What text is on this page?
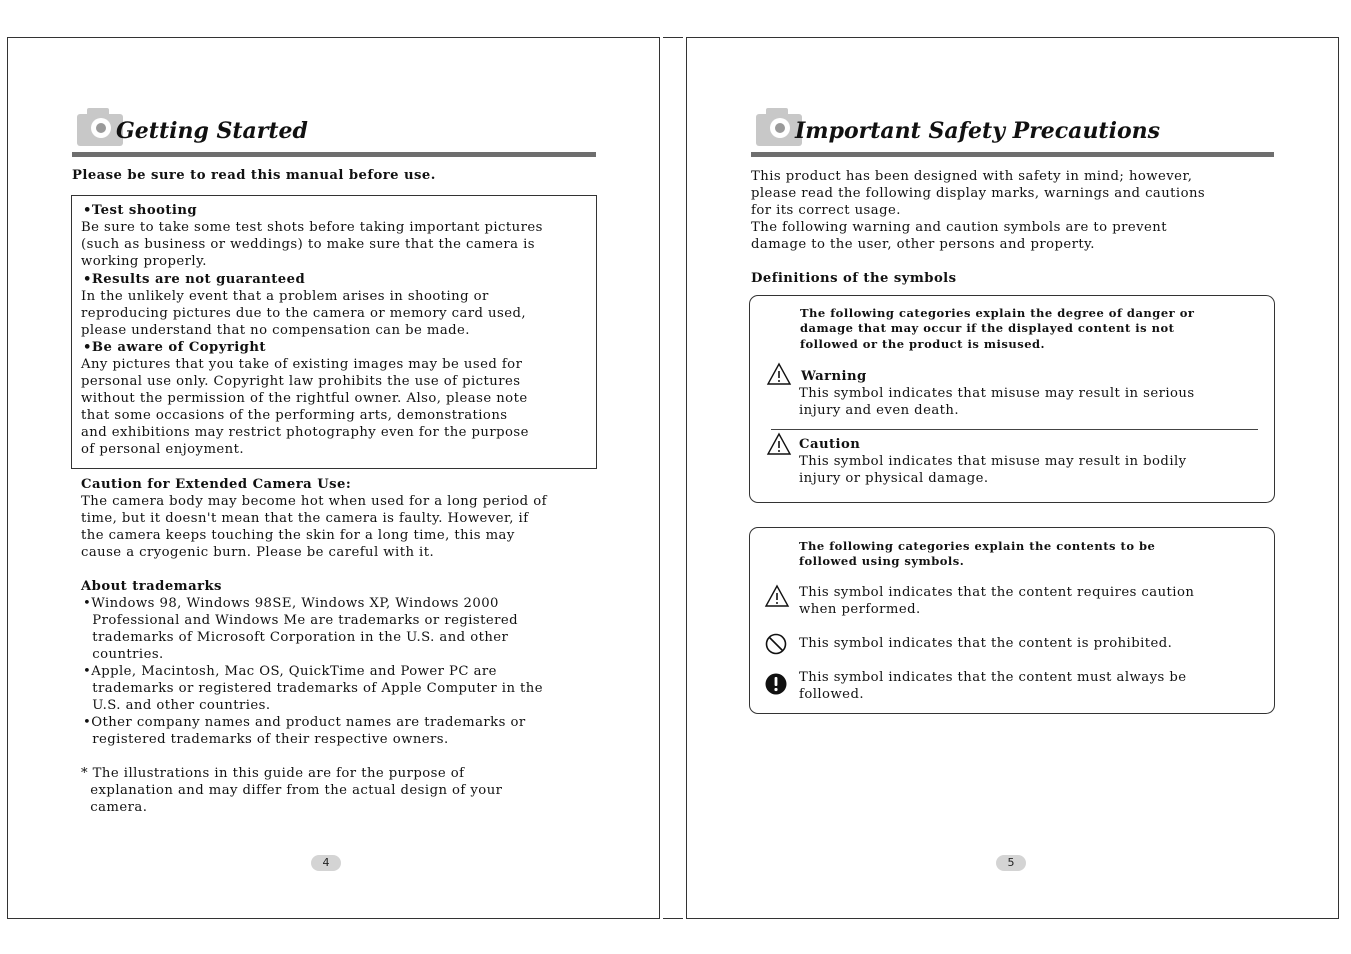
Getting Started
Please be sure to read this manual before use.
•Test shooting
Be sure to take some test shots before taking important pictures
(such as business or weddings) to make sure that the camera is
working properly.
•Results are not guaranteed
In the unlikely event that a problem arises in shooting or
reproducing pictures due to the camera or memory card used,
please understand that no compensation can be made.
•Be aware of Copyright
Any pictures that you take of existing images may be used for
personal use only. Copyright law prohibits the use of pictures
without the permission of the rightful owner. Also, please note
that some occasions of the performing arts, demonstrations
and exhibitions may restrict photography even for the purpose
of personal enjoyment.
Caution for Extended Camera Use:
The camera body may become hot when used for a long period of
time, but it doesn't mean that the camera is faulty. However, if
the camera keeps touching the skin for a long time, this may
cause a cryogenic burn. Please be careful with it.
About trademarks
•Windows 98, Windows 98SE, Windows XP, Windows 2000
Professional and Windows Me are trademarks or registered
trademarks of Microsoft Corporation in the U.S. and other
countries.
•Apple, Macintosh, Mac OS, QuickTime and Power PC are
trademarks or registered trademarks of Apple Computer in the
U.S. and other countries.
•Other company names and product names are trademarks or
registered trademarks of their respective owners.
* The illustrations in this guide are for the purpose of
explanation and may differ from the actual design of your
camera.
4
Important Safety Precautions
This product has been designed with safety in mind; however,
please read the following display marks, warnings and cautions
for its correct usage.
The following warning and caution symbols are to prevent
damage to the user, other persons and property.
Definitions of the symbols
The following categories explain the degree of danger or
damage that may occur if the displayed content is not
followed or the product is misused.
Warning
This symbol indicates that misuse may result in serious
injury and even death.
Caution
This symbol indicates that misuse may result in bodily
injury or physical damage.
The following categories explain the contents to be
followed using symbols.
This symbol indicates that the content requires caution
when performed.
This symbol indicates that the content is prohibited.
This symbol indicates that the content must always be
followed.
5
